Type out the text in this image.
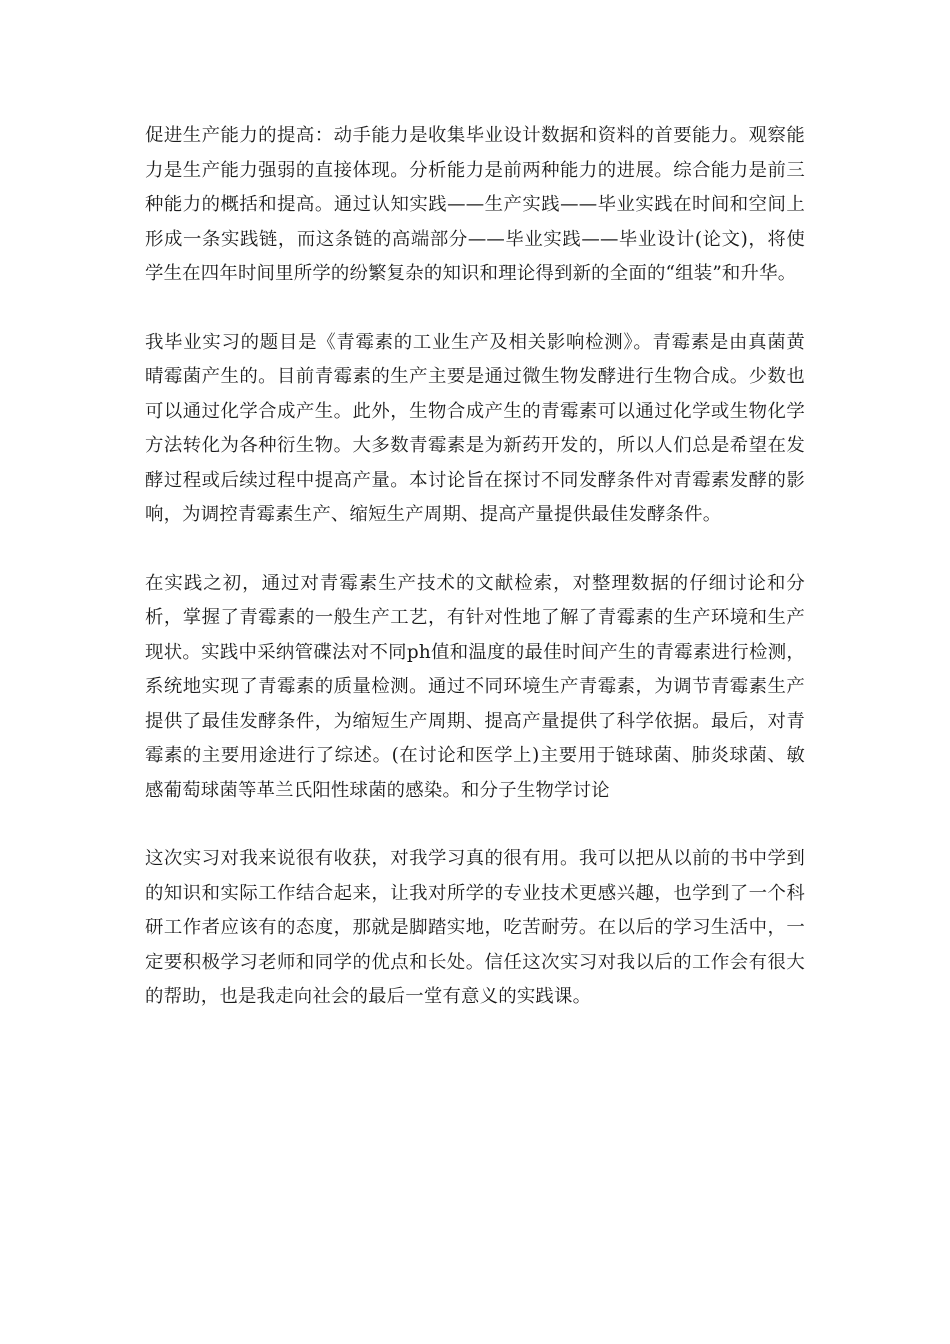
促进生产能力的提高：动手能力是收集毕业设计数据和资料的首要能力。观察能力是生产能力强弱的直接体现。分析能力是前两种能力的进展。综合能力是前三种能力的概括和提高。通过认知实践——生产实践——毕业实践在时间和空间上形成一条实践链，而这条链的高端部分——毕业实践——毕业设计(论文)，将使学生在四年时间里所学的纷繁复杂的知识和理论得到新的全面的“组装”和升华。

我毕业实习的题目是《青霉素的工业生产及相关影响检测》。青霉素是由真菌黄晴霉菌产生的。目前青霉素的生产主要是通过微生物发酵进行生物合成。少数也可以通过化学合成产生。此外，生物合成产生的青霉素可以通过化学或生物化学方法转化为各种衍生物。大多数青霉素是为新药开发的，所以人们总是希望在发酵过程或后续过程中提高产量。本讨论旨在探讨不同发酵条件对青霉素发酵的影响，为调控青霉素生产、缩短生产周期、提高产量提供最佳发酵条件。

在实践之初，通过对青霉素生产技术的文献检索，对整理数据的仔细讨论和分析，掌握了青霉素的一般生产工艺，有针对性地了解了青霉素的生产环境和生产现状。实践中采纳管碟法对不同ph值和温度的最佳时间产生的青霉素进行检测，系统地实现了青霉素的质量检测。通过不同环境生产青霉素，为调节青霉素生产提供了最佳发酵条件，为缩短生产周期、提高产量提供了科学依据。最后，对青霉素的主要用途进行了综述。(在讨论和医学上)主要用于链球菌、肺炎球菌、敏感葡萄球菌等革兰氏阳性球菌的感染。和分子生物学讨论

这次实习对我来说很有收获，对我学习真的很有用。我可以把从以前的书中学到的知识和实际工作结合起来，让我对所学的专业技术更感兴趣，也学到了一个科研工作者应该有的态度，那就是脚踏实地，吃苦耐劳。在以后的学习生活中，一定要积极学习老师和同学的优点和长处。信任这次实习对我以后的工作会有很大的帮助，也是我走向社会的最后一堂有意义的实践课。
